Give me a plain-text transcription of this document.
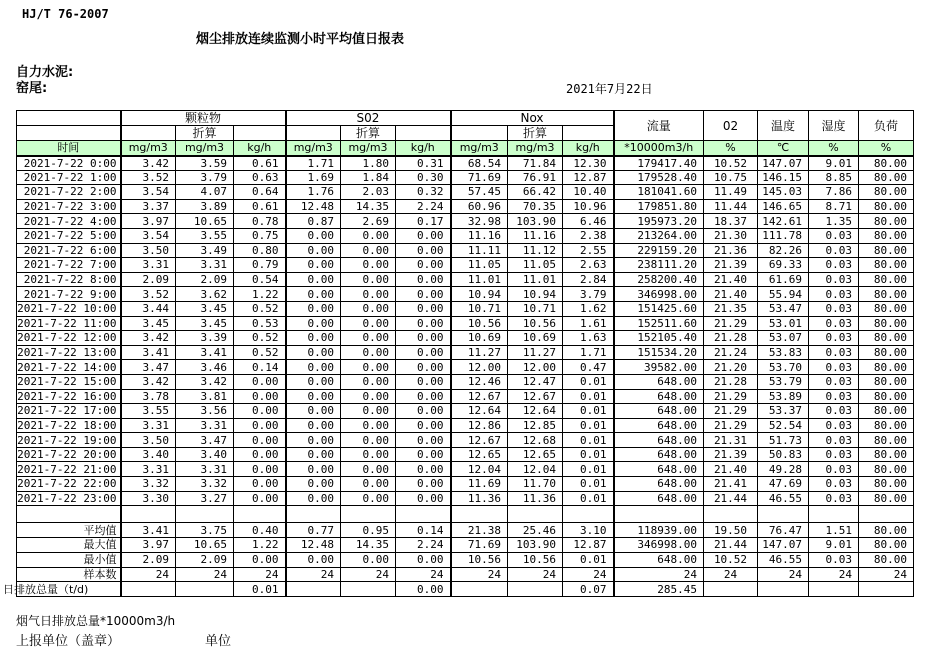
HJ/T 76-2007
烟尘排放连续监测小时平均值日报表
自力水泥:
窑尾:	2021年7月22日
	颗粒物			S02			Nox			流量	02	温度	湿度	负荷
		折算			折算			折算						
时间	mg/m3	mg/m3	kg/h	mg/m3	mg/m3	kg/h	mg/m3	mg/m3	kg/h	*10000m3/h	%	℃	%	%
2021-7-22 0:00	3.42	3.59	0.61	1.71	1.80	0.31	68.54	71.84	12.30	179417.40	10.52	147.07	9.01	80.00
2021-7-22 1:00	3.52	3.79	0.63	1.69	1.84	0.30	71.69	76.91	12.87	179528.40	10.75	146.15	8.85	80.00
2021-7-22 2:00	3.54	4.07	0.64	1.76	2.03	0.32	57.45	66.42	10.40	181041.60	11.49	145.03	7.86	80.00
2021-7-22 3:00	3.37	3.89	0.61	12.48	14.35	2.24	60.96	70.35	10.96	179851.80	11.44	146.65	8.71	80.00
2021-7-22 4:00	3.97	10.65	0.78	0.87	2.69	0.17	32.98	103.90	6.46	195973.20	18.37	142.61	1.35	80.00
2021-7-22 5:00	3.54	3.55	0.75	0.00	0.00	0.00	11.16	11.16	2.38	213264.00	21.30	111.78	0.03	80.00
2021-7-22 6:00	3.50	3.49	0.80	0.00	0.00	0.00	11.11	11.12	2.55	229159.20	21.36	82.26	0.03	80.00
2021-7-22 7:00	3.31	3.31	0.79	0.00	0.00	0.00	11.05	11.05	2.63	238111.20	21.39	69.33	0.03	80.00
2021-7-22 8:00	2.09	2.09	0.54	0.00	0.00	0.00	11.01	11.01	2.84	258200.40	21.40	61.69	0.03	80.00
2021-7-22 9:00	3.52	3.62	1.22	0.00	0.00	0.00	10.94	10.94	3.79	346998.00	21.40	55.94	0.03	80.00
2021-7-22 10:00	3.44	3.45	0.52	0.00	0.00	0.00	10.71	10.71	1.62	151425.60	21.35	53.47	0.03	80.00
2021-7-22 11:00	3.45	3.45	0.53	0.00	0.00	0.00	10.56	10.56	1.61	152511.60	21.29	53.01	0.03	80.00
2021-7-22 12:00	3.42	3.39	0.52	0.00	0.00	0.00	10.69	10.69	1.63	152105.40	21.28	53.07	0.03	80.00
2021-7-22 13:00	3.41	3.41	0.52	0.00	0.00	0.00	11.27	11.27	1.71	151534.20	21.24	53.83	0.03	80.00
2021-7-22 14:00	3.47	3.46	0.14	0.00	0.00	0.00	12.00	12.00	0.47	39582.00	21.20	53.70	0.03	80.00
2021-7-22 15:00	3.42	3.42	0.00	0.00	0.00	0.00	12.46	12.47	0.01	648.00	21.28	53.79	0.03	80.00
2021-7-22 16:00	3.78	3.81	0.00	0.00	0.00	0.00	12.67	12.67	0.01	648.00	21.29	53.89	0.03	80.00
2021-7-22 17:00	3.55	3.56	0.00	0.00	0.00	0.00	12.64	12.64	0.01	648.00	21.29	53.37	0.03	80.00
2021-7-22 18:00	3.31	3.31	0.00	0.00	0.00	0.00	12.86	12.85	0.01	648.00	21.29	52.54	0.03	80.00
2021-7-22 19:00	3.50	3.47	0.00	0.00	0.00	0.00	12.67	12.68	0.01	648.00	21.31	51.73	0.03	80.00
2021-7-22 20:00	3.40	3.40	0.00	0.00	0.00	0.00	12.65	12.65	0.01	648.00	21.39	50.83	0.03	80.00
2021-7-22 21:00	3.31	3.31	0.00	0.00	0.00	0.00	12.04	12.04	0.01	648.00	21.40	49.28	0.03	80.00
2021-7-22 22:00	3.32	3.32	0.00	0.00	0.00	0.00	11.69	11.70	0.01	648.00	21.41	47.69	0.03	80.00
2021-7-22 23:00	3.30	3.27	0.00	0.00	0.00	0.00	11.36	11.36	0.01	648.00	21.44	46.55	0.03	80.00

平均值	3.41	3.75	0.40	0.77	0.95	0.14	21.38	25.46	3.10	118939.00	19.50	76.47	1.51	80.00
最大值	3.97	10.65	1.22	12.48	14.35	2.24	71.69	103.90	12.87	346998.00	21.44	147.07	9.01	80.00
最小值	2.09	2.09	0.00	0.00	0.00	0.00	10.56	10.56	0.01	648.00	10.52	46.55	0.03	80.00
样本数	24	24	24	24	24	24	24	24	24	24	24	24	24	24
日排放总量（t/d)			0.01			0.00			0.07	285.45				
烟气日排放总量*10000m3/h
上报单位（盖章）	单位
